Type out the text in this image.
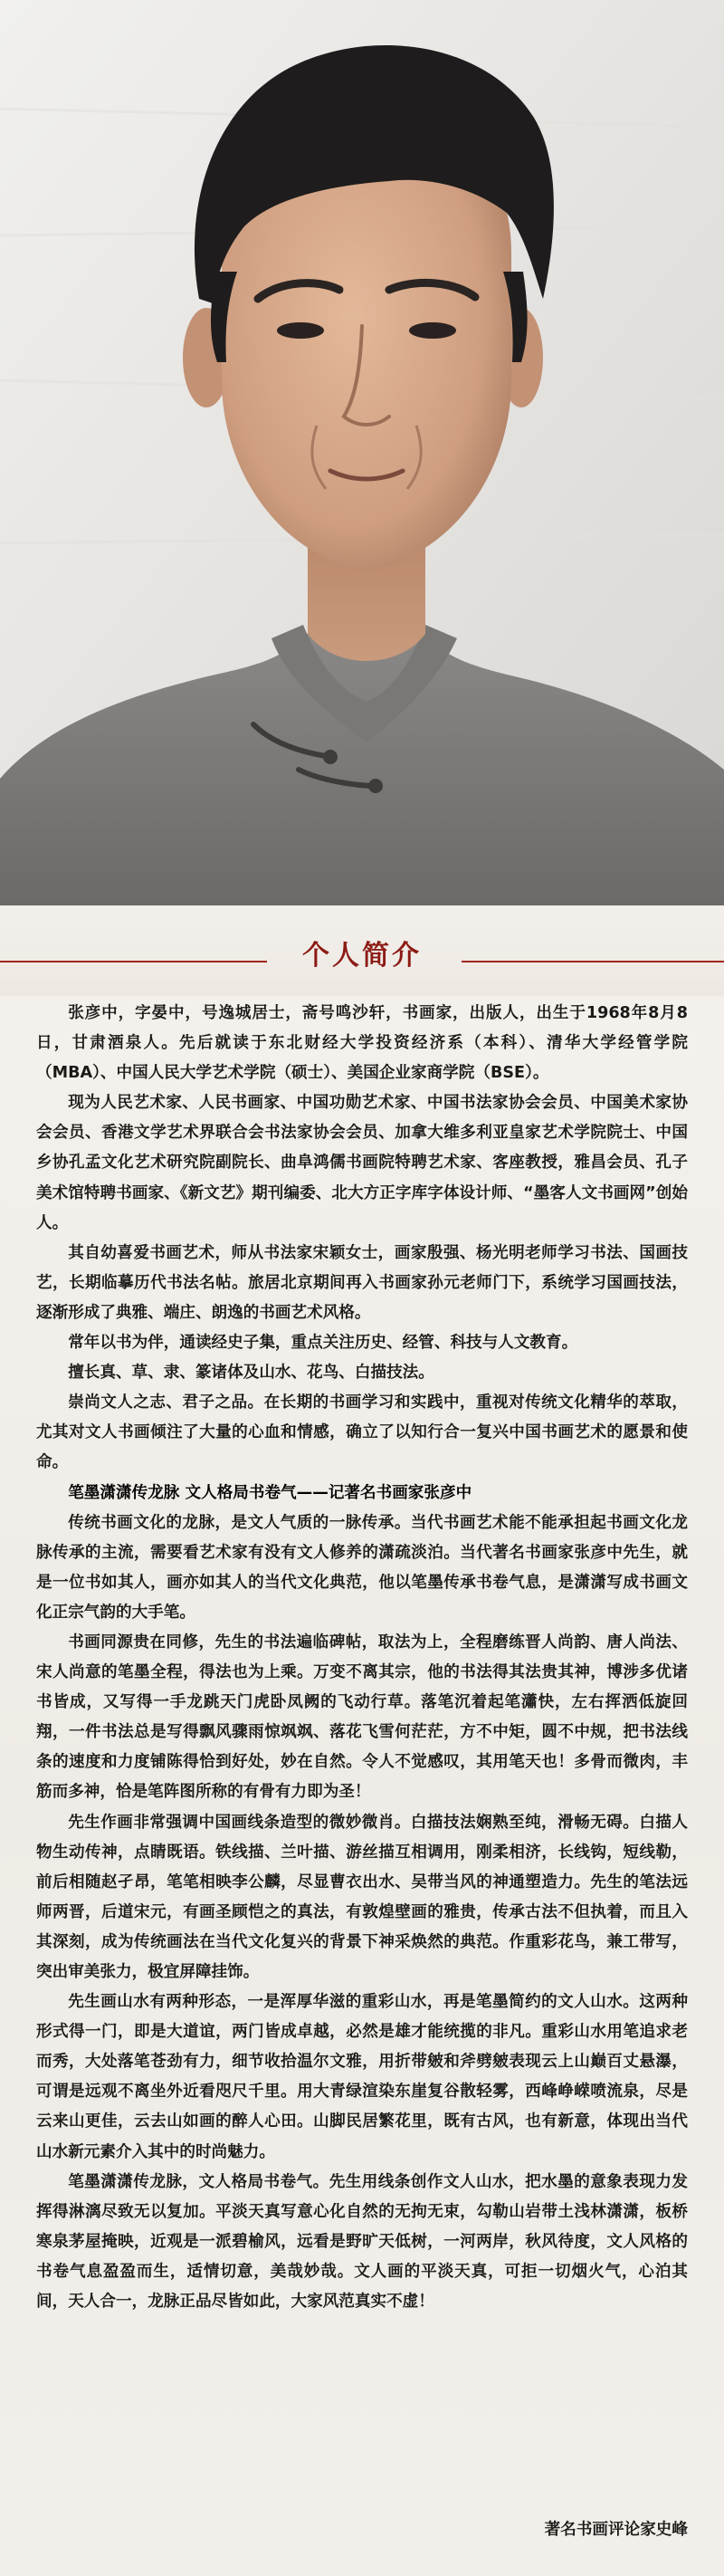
个人简介

张彦中，字晏中，号逸城居士，斋号鸣沙轩，书画家，出版人，出生于1968年8月8日，甘肃酒泉人。先后就读于东北财经大学投资经济系（本科）、清华大学经管学院（MBA）、中国人民大学艺术学院（硕士）、美国企业家商学院（BSE）。

现为人民艺术家、人民书画家、中国功勋艺术家、中国书法家协会会员、中国美术家协会会员、香港文学艺术界联合会书法家协会会员、加拿大维多利亚皇家艺术学院院士、中国乡协孔孟文化艺术研究院副院长、曲阜鸿儒书画院特聘艺术家、客座教授，雅昌会员、孔子美术馆特聘书画家、《新文艺》期刊编委、北大方正字库字体设计师、“墨客人文书画网”创始人。

其自幼喜爱书画艺术，师从书法家宋颖女士，画家殷强、杨光明老师学习书法、国画技艺，长期临摹历代书法名帖。旅居北京期间再入书画家孙元老师门下，系统学习国画技法，逐渐形成了典雅、端庄、朗逸的书画艺术风格。

常年以书为伴，通读经史子集，重点关注历史、经管、科技与人文教育。

擅长真、草、隶、篆诸体及山水、花鸟、白描技法。

崇尚文人之志、君子之品。在长期的书画学习和实践中，重视对传统文化精华的萃取，尤其对文人书画倾注了大量的心血和情感，确立了以知行合一复兴中国书画艺术的愿景和使命。

笔墨潇潇传龙脉 文人格局书卷气——记著名书画家张彦中

传统书画文化的龙脉，是文人气质的一脉传承。当代书画艺术能不能承担起书画文化龙脉传承的主流，需要看艺术家有没有文人修养的潇疏淡泊。当代著名书画家张彦中先生，就是一位书如其人，画亦如其人的当代文化典范，他以笔墨传承书卷气息，是潇潇写成书画文化正宗气韵的大手笔。

书画同源贵在同修，先生的书法遍临碑帖，取法为上，全程磨练晋人尚韵、唐人尚法、宋人尚意的笔墨全程，得法也为上乘。万变不离其宗，他的书法得其法贵其神，博涉多优诸书皆成，又写得一手龙跳天门虎卧凤阙的飞动行草。落笔沉着起笔瀟快，左右挥洒低旋回翔，一件书法总是写得飘风骤雨惊飒飒、落花飞雪何茫茫，方不中矩，圆不中规，把书法线条的速度和力度铺陈得恰到好处，妙在自然。令人不觉感叹，其用笔天也！多骨而微肉，丰筋而多神，恰是笔阵图所称的有骨有力即为圣！

先生作画非常强调中国画线条造型的微妙微肖。白描技法娴熟至纯，滑畅无碍。白描人物生动传神，点睛既语。铁线描、兰叶描、游丝描互相调用，刚柔相济，长线钩，短线勒，前后相随赵孑昂，笔笔相映李公麟，尽显曹衣出水、吴带当风的神通塑造力。先生的笔法远师两晋，后道宋元，有画圣顾恺之的真法，有敦煌壁画的雅贵，传承古法不但执着，而且入其深刻，成为传统画法在当代文化复兴的背景下神采焕然的典范。作重彩花鸟，兼工带写，突出审美张力，极宜屏障挂饰。

先生画山水有两种形态，一是浑厚华滋的重彩山水，再是笔墨简约的文人山水。这两种形式得一门，即是大道谊，两门皆成卓越，必然是雄才能统揽的非凡。重彩山水用笔追求老而秀，大处落笔苍劲有力，细节收拾温尔文雅，用折带皴和斧劈皴表现云上山巅百丈悬瀑，可谓是远观不离坐外近看咫尺千里。用大青绿渲染东崖复谷散轻雾，西峰峥嵘喷流泉，尽是云来山更佳，云去山如画的醉人心田。山脚民居繁花里，既有古风，也有新意，体现出当代山水新元素介入其中的时尚魅力。

笔墨潇潇传龙脉，文人格局书卷气。先生用线条创作文人山水，把水墨的意象表现力发挥得淋漓尽致无以复加。平淡天真写意心化自然的无拘无束，勾勒山岩带土浅林潇潇，板桥寒泉茅屋掩映，近观是一派碧榆风，远看是野旷天低树，一河两岸，秋风待度，文人风格的书卷气息盈盈而生，适情切意，美哉妙哉。文人画的平淡天真，可拒一切烟火气，心泊其间，天人合一，龙脉正品尽皆如此，大家风范真实不虚！

著名书画评论家史峰
